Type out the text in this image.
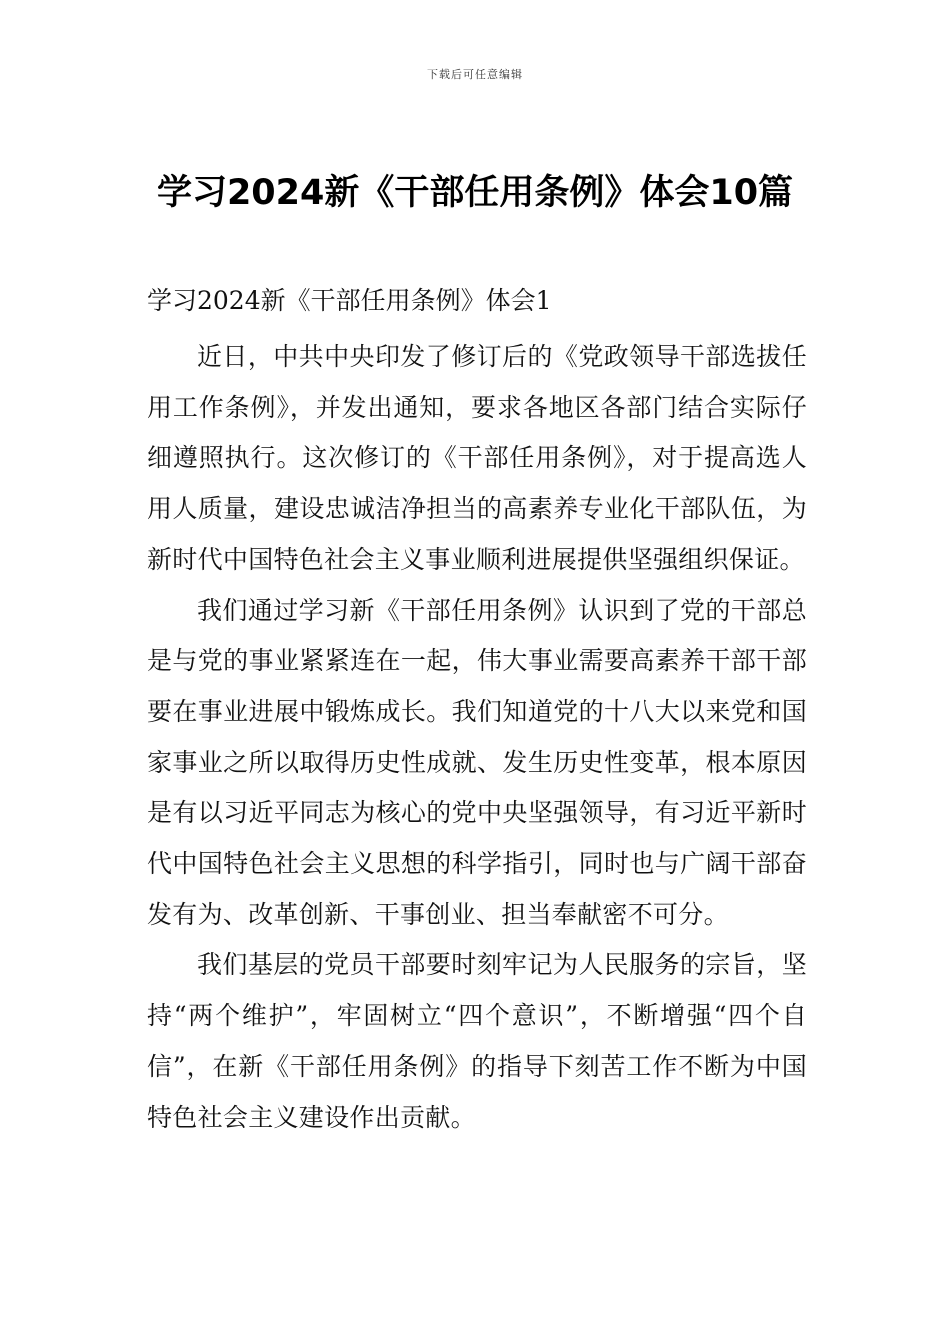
下载后可任意编辑
学习2024新《干部任用条例》体会10篇
学习2024新《干部任用条例》体会1

近日，中共中央印发了修订后的《党政领导干部选拔任用工作条例》，并发出通知，要求各地区各部门结合实际仔细遵照执行。这次修订的《干部任用条例》，对于提高选人用人质量，建设忠诚洁净担当的高素养专业化干部队伍，为新时代中国特色社会主义事业顺利进展提供坚强组织保证。

我们通过学习新《干部任用条例》认识到了党的干部总是与党的事业紧紧连在一起，伟大事业需要高素养干部干部要在事业进展中锻炼成长。我们知道党的十八大以来党和国家事业之所以取得历史性成就、发生历史性变革，根本原因是有以习近平同志为核心的党中央坚强领导，有习近平新时代中国特色社会主义思想的科学指引，同时也与广阔干部奋发有为、改革创新、干事创业、担当奉献密不可分。

我们基层的党员干部要时刻牢记为人民服务的宗旨，坚持“两个维护”，牢固树立“四个意识”，不断增强“四个自信”，在新《干部任用条例》的指导下刻苦工作不断为中国特色社会主义建设作出贡献。
